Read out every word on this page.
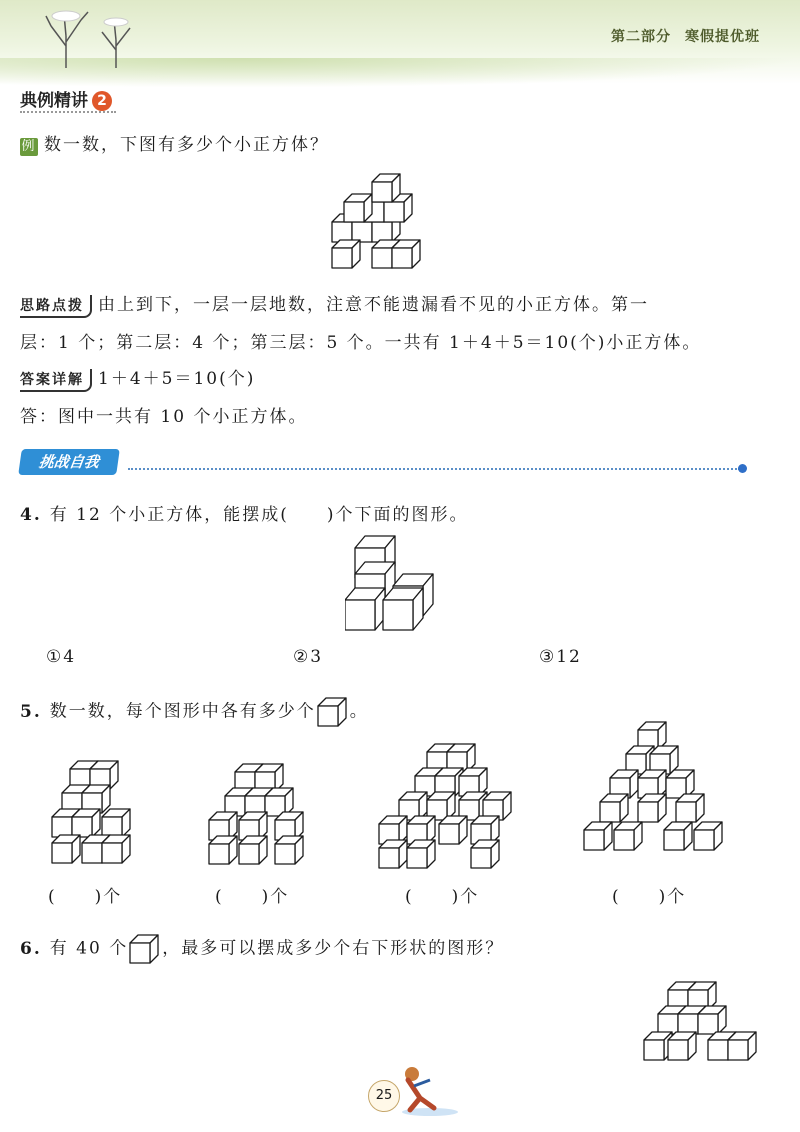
第二部分 寒假提优班
典例精讲 2
例 数一数，下图有多少个小正方体？
思路点拨 由上到下，一层一层地数，注意不能遗漏看不见的小正方体。第一
层：1 个；第二层：4 个；第三层：5 个。一共有 1＋4＋5＝10(个)小正方体。
答案详解 1＋4＋5＝10(个)
答：图中一共有 10 个小正方体。
挑战自我
4. 有 12 个小正方体，能摆成(　　)个下面的图形。
①4	②3	③12
5. 数一数，每个图形中各有多少个 。
(　　)个	(　　)个	(　　)个	(　　)个
6. 有 40 个 ，最多可以摆成多少个右下形状的图形？
25
